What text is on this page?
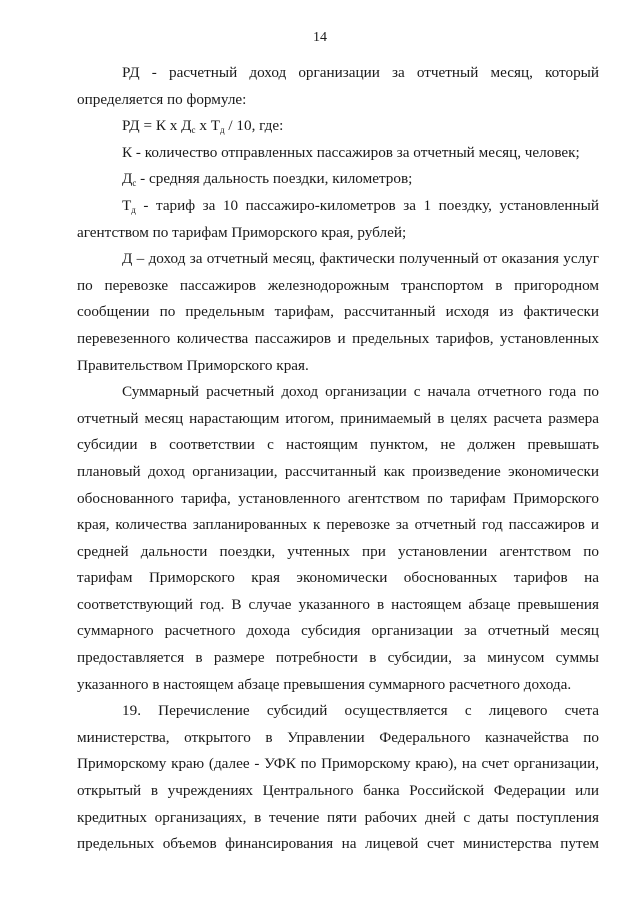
14

РД - расчетный доход организации за отчетный месяц, который определяется по формуле:

РД = К x $Д_с$ x $Т_д / 10$, где:

К - количество отправленных пассажиров за отчетный месяц, человек;

$Д_с$ - средняя дальность поездки, километров;

$Т_д$ - тариф за 10 пассажиро-километров за 1 поездку, установленный агентством по тарифам Приморского края, рублей;

Д – доход за отчетный месяц, фактически полученный от оказания услуг по перевозке пассажиров железнодорожным транспортом в пригородном сообщении по предельным тарифам, рассчитанный исходя из фактически перевезенного количества пассажиров и предельных тарифов, установленных Правительством Приморского края.

Суммарный расчетный доход организации с начала отчетного года по отчетный месяц нарастающим итогом, принимаемый в целях расчета размера субсидии в соответствии с настоящим пунктом, не должен превышать плановый доход организации, рассчитанный как произведение экономически обоснованного тарифа, установленного агентством по тарифам Приморского края, количества запланированных к перевозке за отчетный год пассажиров и средней дальности поездки, учтенных при установлении агентством по тарифам Приморского края экономически обоснованных тарифов на соответствующий год. В случае указанного в настоящем абзаце превышения суммарного расчетного дохода субсидия организации за отчетный месяц предоставляется в размере потребности в субсидии, за минусом суммы указанного в настоящем абзаце превышения суммарного расчетного дохода.

19. Перечисление субсидий осуществляется с лицевого счета министерства, открытого в Управлении Федерального казначейства по Приморскому краю (далее - УФК по Приморскому краю), на счет организации, открытый в учреждениях Центрального банка Российской Федерации или кредитных организациях, в течение пяти рабочих дней с даты поступления предельных объемов финансирования на лицевой счет министерства путем
